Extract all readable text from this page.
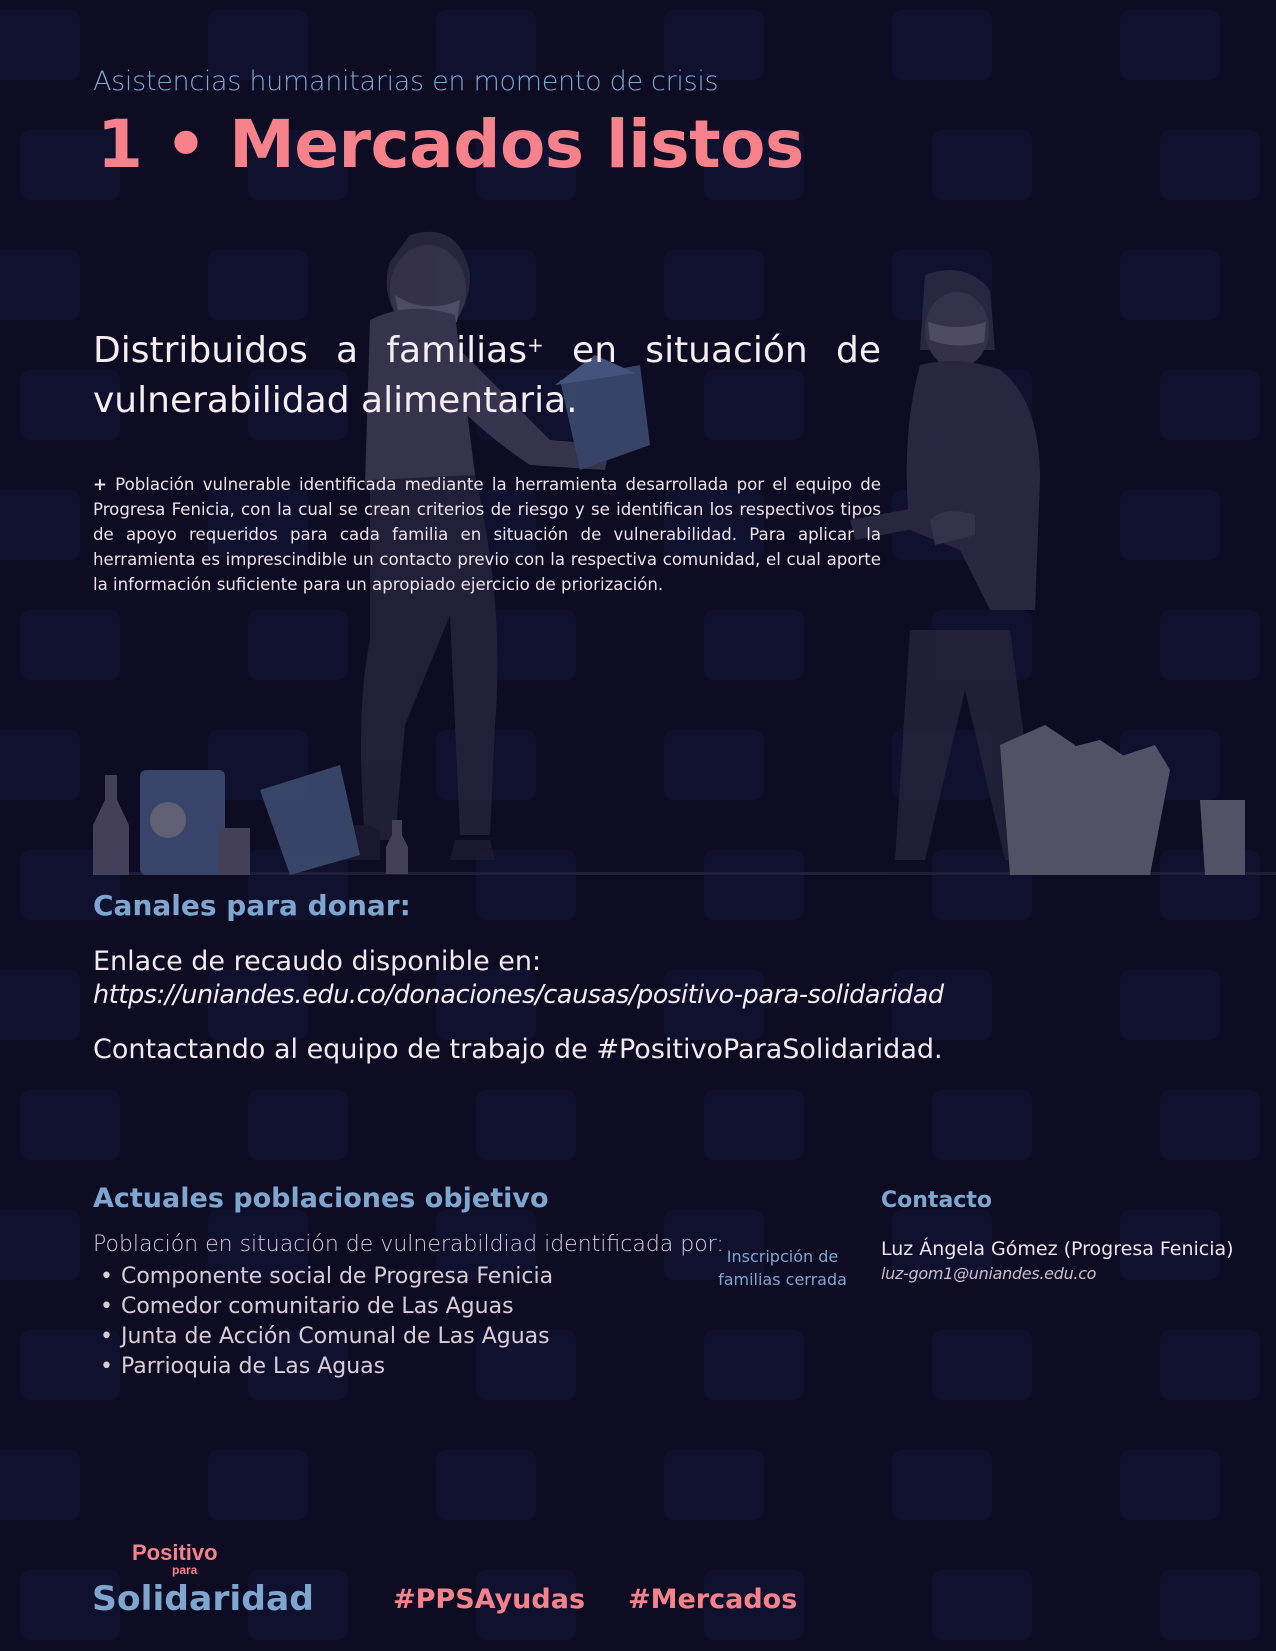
Asistencias humanitarias en momento de crisis

1 • Mercados listos

Distribuidos a familias+ en situación de vulnerabilidad alimentaria.

+ Población vulnerable identificada mediante la herramienta desarrollada por el equipo de Progresa Fenicia, con la cual se crean criterios de riesgo y se identifican los respectivos tipos de apoyo requeridos para cada familia en situación de vulnerabilidad. Para aplicar la herramienta es imprescindible un contacto previo con la respectiva comunidad, el cual aporte la información suficiente para un apropiado ejercicio de priorización.

Canales para donar:

Enlace de recaudo disponible en:

https://uniandes.edu.co/donaciones/causas/positivo-para-solidaridad

Contactando al equipo de trabajo de #PositivoParaSolidaridad.

Actuales poblaciones objetivo

Población en situación de vulnerabildiad identificada por:

• Componente social de Progresa Fenicia
• Comedor comunitario de Las Aguas
• Junta de Acción Comunal de Las Aguas
• Parrioquia de Las Aguas
Inscripción de
familias cerrada
Contacto

Luz Ángela Gómez (Progresa Fenicia)

luz-gom1@uniandes.edu.co
Positivo
para
Solidaridad	#PPSAyudas #Mercados
